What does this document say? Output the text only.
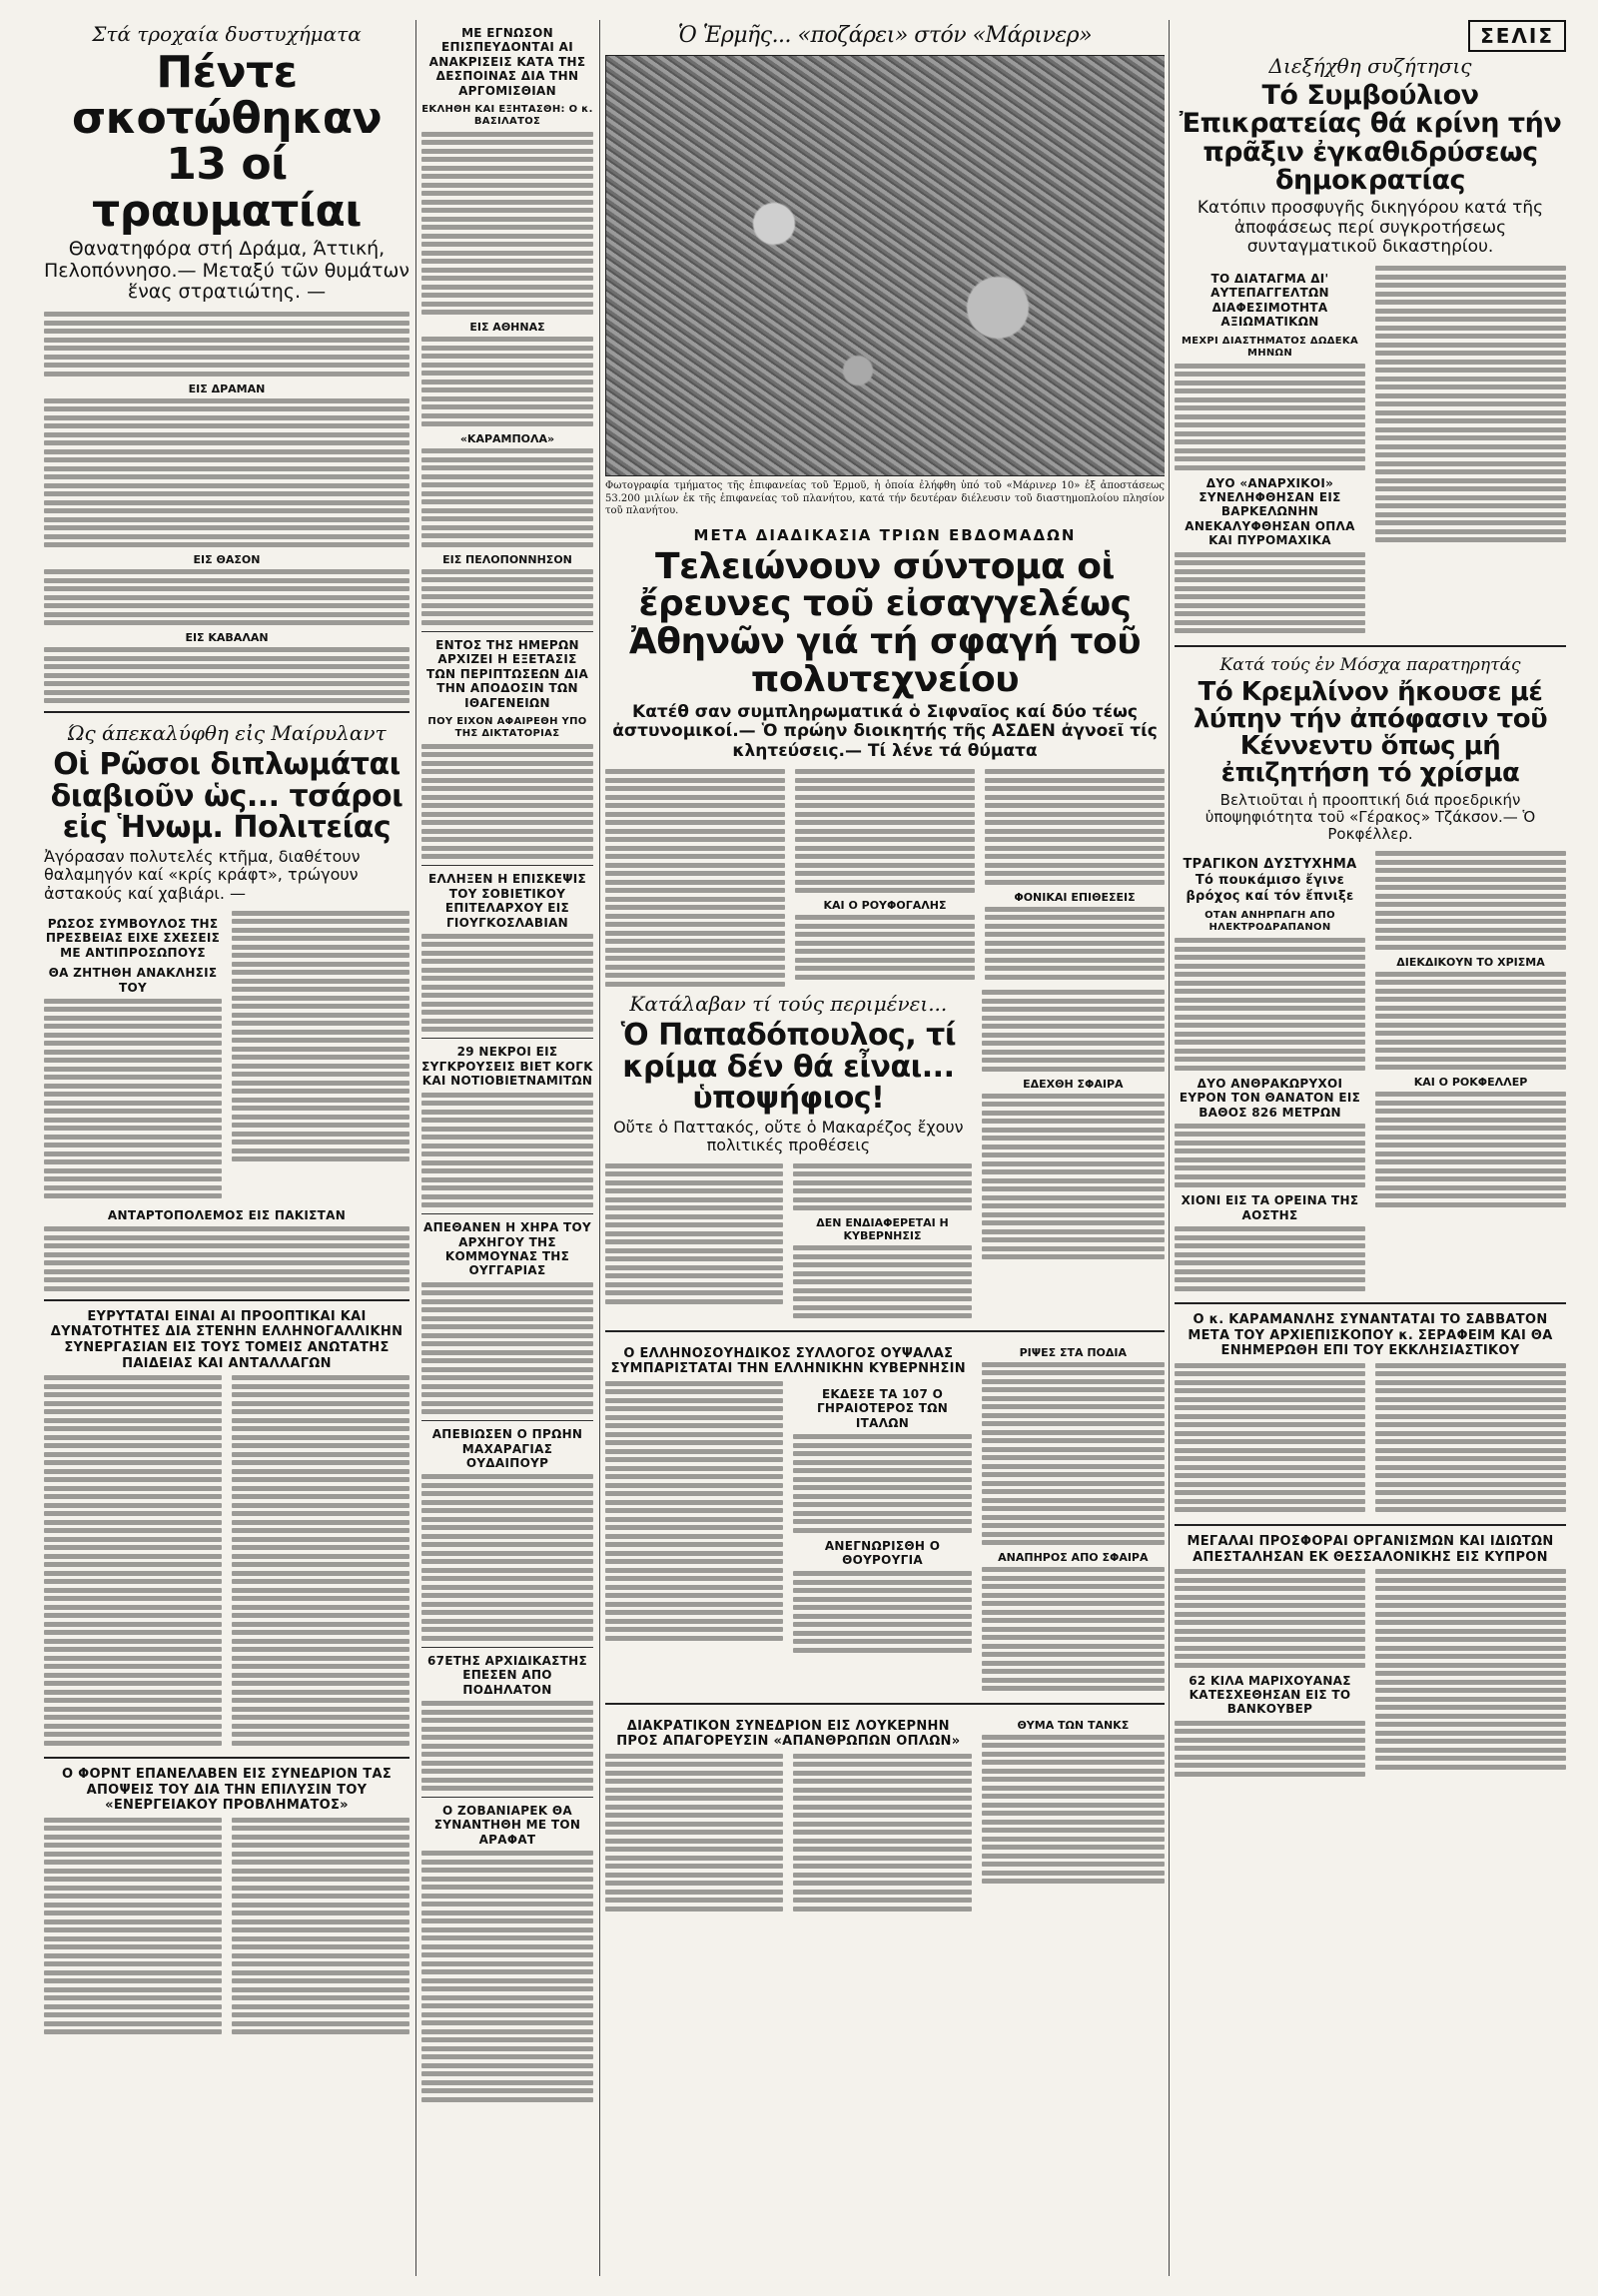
Στά τροχαία δυστυχήματα
Πέντε σκοτώθηκαν 13 οί τραυματίαι
Θανατηφόρα στή Δράμα, Άττική, Πελοπόννησο.— Μεταξύ τῶν θυμάτων ἕνας στρατιώτης. —
ΕΙΣ ΔΡΑΜΑΝ
ΕΙΣ ΘΑΣΟΝ
ΕΙΣ ΚΑΒΑΛΑΝ
Ώς άπεκαλύφθη εἰς Μαίρυλαντ
Οἱ Ρῶσοι διπλωμάται διαβιοῦν ὡς... τσάροι εἰς Ἡνωμ. Πολιτείας
Ἀγόρασαν πολυτελές κτῆμα, διαθέτουν θαλαμηγόν καί «κρίς κράφτ», τρώγουν ἀστακούς καί χαβιάρι. —
ΡΩΣΟΣ ΣΥΜΒΟΥΛΟΣ ΤΗΣ ΠΡΕΣΒΕΙΑΣ ΕΙΧΕ ΣΧΕΣΕΙΣ ΜΕ ΑΝΤΙΠΡΟΣΩΠΟΥΣ
ΘΑ ΖΗΤΗΘΗ ΑΝΑΚΛΗΣΙΣ ΤΟΥ
ΑΝΤΑΡΤΟΠΟΛΕΜΟΣ ΕΙΣ ΠΑΚΙΣΤΑΝ
ΕΥΡΥΤΑΤΑΙ ΕΙΝΑΙ ΑΙ ΠΡΟΟΠΤΙΚΑΙ ΚΑΙ ΔΥΝΑΤΟΤΗΤΕΣ ΔΙΑ ΣΤΕΝΗΝ ΕΛΛΗΝΟΓΑΛΛΙΚΗΝ ΣΥΝΕΡΓΑΣΙΑΝ ΕΙΣ ΤΟΥΣ ΤΟΜΕΙΣ ΑΝΩΤΑΤΗΣ ΠΑΙΔΕΙΑΣ ΚΑΙ ΑΝΤΑΛΛΑΓΩΝ
Ο ΦΟΡΝΤ ΕΠΑΝΕΛΑΒΕΝ ΕΙΣ ΣΥΝΕΔΡΙΟΝ ΤΑΣ ΑΠΟΨΕΙΣ ΤΟΥ ΔΙΑ ΤΗΝ ΕΠΙΛΥΣΙΝ ΤΟΥ «ΕΝΕΡΓΕΙΑΚΟΥ ΠΡΟΒΛΗΜΑΤΟΣ»
ΜΕ ΕΓΝΩΣΟΝ ΕΠΙΣΠΕΥΔΟΝΤΑΙ ΑΙ ΑΝΑΚΡΙΣΕΙΣ ΚΑΤΑ ΤΗΣ ΔΕΣΠΟΙΝΑΣ ΔΙΑ ΤΗΝ ΑΡΓΟΜΙΣΘΙΑΝ
ΕΚΛΗΘΗ ΚΑΙ ΕΞΗΤΑΣΘΗ: Ο κ. ΒΑΣΙΛΑΤΟΣ
ΕΙΣ ΑΘΗΝΑΣ
«ΚΑΡΑΜΠΟΛΑ»
ΕΙΣ ΠΕΛΟΠΟΝΝΗΣΟΝ
ΕΝΤΟΣ ΤΗΣ ΗΜΕΡΩΝ ΑΡΧΙΖΕΙ Η ΕΞΕΤΑΣΙΣ ΤΩΝ ΠΕΡΙΠΤΩΣΕΩΝ ΔΙΑ ΤΗΝ ΑΠΟΔΟΣΙΝ ΤΩΝ ΙΘΑΓΕΝΕΙΩΝ
ΠΟΥ ΕΙΧΟΝ ΑΦΑΙΡΕΘΗ ΥΠΟ ΤΗΣ ΔΙΚΤΑΤΟΡΙΑΣ
ΕΛΛΗΞΕΝ Η ΕΠΙΣΚΕΨΙΣ ΤΟΥ ΣΟΒΙΕΤΙΚΟΥ ΕΠΙΤΕΛΑΡΧΟΥ ΕΙΣ ΓΙΟΥΓΚΟΣΛΑΒΙΑΝ
29 ΝΕΚΡΟΙ ΕΙΣ ΣΥΓΚΡΟΥΣΕΙΣ ΒΙΕΤ ΚΟΓΚ ΚΑΙ ΝΟΤΙΟΒΙΕΤΝΑΜΙΤΩΝ
ΑΠΕΘΑΝΕΝ Η ΧΗΡΑ ΤΟΥ ΑΡΧΗΓΟΥ ΤΗΣ ΚΟΜΜΟΥΝΑΣ ΤΗΣ ΟΥΓΓΑΡΙΑΣ
ΑΠΕΒΙΩΣΕΝ Ο ΠΡΩΗΝ ΜΑΧΑΡΑΓΙΑΣ ΟΥΔΑΙΠΟΥΡ
67ΕΤΗΣ ΑΡΧΙΔΙΚΑΣΤΗΣ ΕΠΕΣΕΝ ΑΠΟ ΠΟΔΗΛΑΤΟΝ
Ο ΖΟΒΑΝΙΑΡΕΚ ΘΑ ΣΥΝΑΝΤΗΘΗ ΜΕ ΤΟΝ ΑΡΑΦΑΤ
Ὁ Ἑρμῆς... «ποζάρει» στόν «Μάρινερ»
Φωτογραφία τμήματος τῆς ἐπιφανείας τοῦ Ἑρμοῦ, ἡ ὁποία ἐλήφθη ὑπό τοῦ «Μάρινερ 10» ἐξ ἀποστάσεως 53.200 μιλίων ἐκ τῆς ἐπιφανείας τοῦ πλανήτου, κατά τήν δευτέραν διέλευσιν τοῦ διαστημοπλοίου πλησίον τοῦ πλανήτου.
ΜΕΤΑ ΔΙΑΔΙΚΑΣΙΑ ΤΡΙΩΝ ΕΒΔΟΜΑΔΩΝ
Τελειώνουν σύντομα οἱ ἔρευνες τοῦ εἰσαγγελέως Ἀθηνῶν γιά τή σφαγή τοῦ πολυτεχνείου
Κατέθ σαν συμπληρωματικά ὁ Σιφναῖος καί δύο τέως ἀστυνομικοί.— Ὁ πρώην διοικητής τῆς ΑΣΔΕΝ ἀγνοεῖ τίς κλητεύσεις.— Τί λένε τά θύματα
ΚΑΙ Ο ΡΟΥΦΟΓΑΛΗΣ
ΦΟΝΙΚΑΙ ΕΠΙΘΕΣΕΙΣ
Κατάλαβαν τί τούς περιμένει...
Ὁ Παπαδόπουλος, τί κρίμα δέν θά εἶναι... ὑποψήφιος!
Οὔτε ὁ Παττακός, οὔτε ὁ Μακαρέζος ἔχουν πολιτικές προθέσεις
ΔΕΝ ΕΝΔΙΑΦΕΡΕΤΑΙ Η ΚΥΒΕΡΝΗΣΙΣ
ΕΔΕΧΘΗ ΣΦΑΙΡΑ
Ο ΕΛΛΗΝΟΣΟΥΗΔΙΚΟΣ ΣΥΛΛΟΓΟΣ ΟΥΨΑΛΑΣ ΣΥΜΠΑΡΙΣΤΑΤΑΙ ΤΗΝ ΕΛΛΗΝΙΚΗΝ ΚΥΒΕΡΝΗΣΙΝ
ΕΚΔΕΣΕ ΤΑ 107 Ο ΓΗΡΑΙΟΤΕΡΟΣ ΤΩΝ ΙΤΑΛΩΝ
ΑΝΕΓΝΩΡΙΣΘΗ Ο ΘΟΥΡΟΥΓΙΑ
ΡΙΨΕΣ ΣΤΑ ΠΟΔΙΑ
ΑΝΑΠΗΡΟΣ ΑΠΟ ΣΦΑΙΡΑ
ΔΙΑΚΡΑΤΙΚΟΝ ΣΥΝΕΔΡΙΟΝ ΕΙΣ ΛΟΥΚΕΡΝΗΝ ΠΡΟΣ ΑΠΑΓΟΡΕΥΣΙΝ «ΑΠΑΝΘΡΩΠΩΝ ΟΠΛΩΝ»
ΘΥΜΑ ΤΩΝ ΤΑΝΚΣ
ΣΕΛΙΣ
Διεξήχθη συζήτησις
Τό Συμβούλιον Ἐπικρατείας θά κρίνη τήν πρᾶξιν ἐγκαθιδρύσεως δημοκρατίας
Κατόπιν προσφυγῆς δικηγόρου κατά τῆς ἀποφάσεως περί συγκροτήσεως συνταγματικοῦ δικαστηρίου.
ΤΟ ΔΙΑΤΑΓΜΑ ΔΙ' ΑΥΤΕΠΑΓΓΕΛΤΩΝ ΔΙΑΦΕΣΙΜΟΤΗΤΑ ΑΞΙΩΜΑΤΙΚΩΝ
ΜΕΧΡΙ ΔΙΑΣΤΗΜΑΤΟΣ ΔΩΔΕΚΑ ΜΗΝΩΝ
ΔΥΟ «ΑΝΑΡΧΙΚΟΙ» ΣΥΝΕΛΗΦΘΗΣΑΝ ΕΙΣ ΒΑΡΚΕΛΩΝΗΝ ΑΝΕΚΑΛΥΦΘΗΣΑΝ ΟΠΛΑ ΚΑΙ ΠΥΡΟΜΑΧΙΚΑ
Κατά τούς ἐν Μόσχα παρατηρητάς
Τό Κρεμλίνον ἤκουσε μέ λύπην τήν ἀπόφασιν τοῦ Κέννεντυ ὅπως μή ἐπιζητήση τό χρίσμα
Βελτιοῦται ἡ προοπτική διά προεδρικήν ὑποψηφιότητα τοῦ «Γέρακος» Τζάκσον.— Ὁ Ροκφέλλερ.
ΤΡΑΓΙΚΟΝ ΔΥΣΤΥΧΗΜΑ Τό πουκάμισο ἔγινε βρόχος καί τόν ἔπνιξε
ΟΤΑΝ ΑΝΗΡΠΑΓΗ ΑΠΟ ΗΛΕΚΤΡΟΔΡΑΠΑΝΟΝ
ΔΥΟ ΑΝΘΡΑΚΩΡΥΧΟΙ ΕΥΡΟΝ ΤΟΝ ΘΑΝΑΤΟΝ ΕΙΣ ΒΑΘΟΣ 826 ΜΕΤΡΩΝ
ΧΙΟΝΙ ΕΙΣ ΤΑ ΟΡΕΙΝΑ ΤΗΣ ΑΟΣΤΗΣ
ΔΙΕΚΔΙΚΟΥΝ ΤΟ ΧΡΙΣΜΑ
ΚΑΙ Ο ΡΟΚΦΕΛΛΕΡ
Ο κ. ΚΑΡΑΜΑΝΛΗΣ ΣΥΝΑΝΤΑΤΑΙ ΤΟ ΣΑΒΒΑΤΟΝ ΜΕΤΑ ΤΟΥ ΑΡΧΙΕΠΙΣΚΟΠΟΥ κ. ΣΕΡΑΦΕΙΜ ΚΑΙ ΘΑ ΕΝΗΜΕΡΩΘΗ ΕΠΙ ΤΟΥ ΕΚΚΛΗΣΙΑΣΤΙΚΟΥ
ΜΕΓΑΛΑΙ ΠΡΟΣΦΟΡΑΙ ΟΡΓΑΝΙΣΜΩΝ ΚΑΙ ΙΔΙΩΤΩΝ ΑΠΕΣΤΑΛΗΣΑΝ ΕΚ ΘΕΣΣΑΛΟΝΙΚΗΣ ΕΙΣ ΚΥΠΡΟΝ
62 ΚΙΛΑ ΜΑΡΙΧΟΥΑΝΑΣ ΚΑΤΕΣΧΕΘΗΣΑΝ ΕΙΣ ΤΟ ΒΑΝΚΟΥΒΕΡ
